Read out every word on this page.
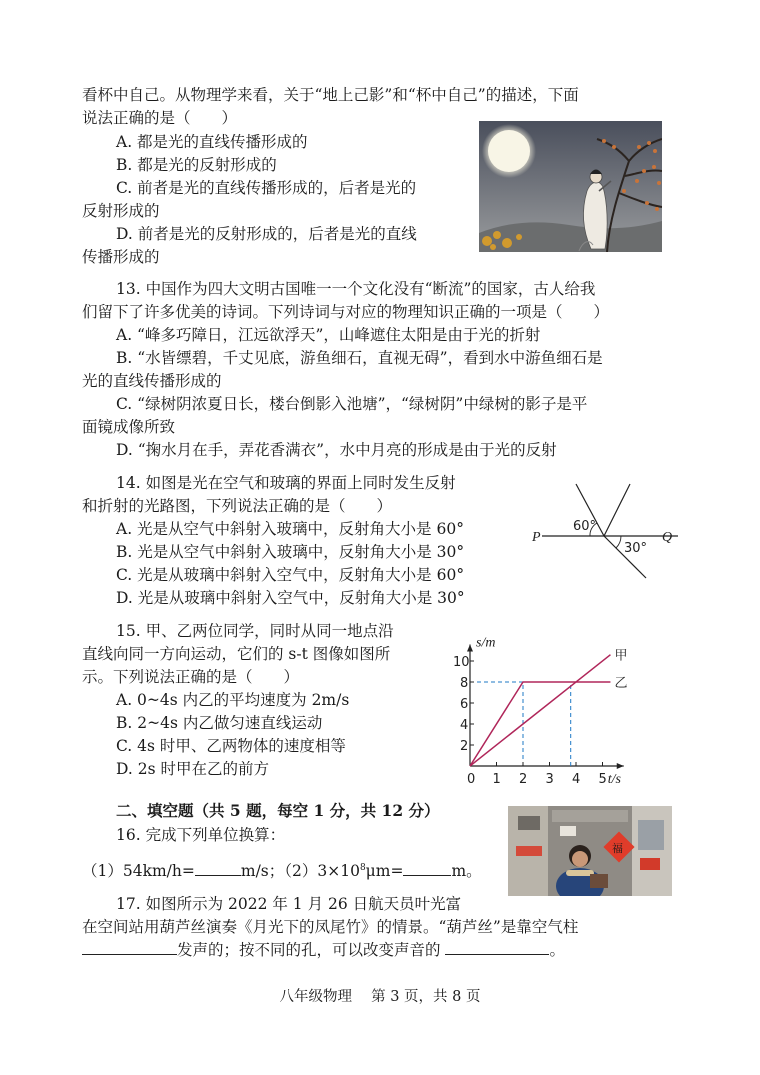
看杯中自己。从物理学来看，关于“地上己影”和“杯中自己”的描述，下面
说法正确的是（　　）
A. 都是光的直线传播形成的
B. 都是光的反射形成的
C. 前者是光的直线传播形成的，后者是光的
反射形成的
D. 前者是光的反射形成的，后者是光的直线
传播形成的
13. 中国作为四大文明古国唯一一个文化没有“断流”的国家，古人给我
们留下了许多优美的诗词。下列诗词与对应的物理知识正确的一项是（　　）
A. “峰多巧障日，江远欲浮天”，山峰遮住太阳是由于光的折射
B. “水皆缥碧，千丈见底，游鱼细石，直视无碍”，看到水中游鱼细石是
光的直线传播形成的
C. “绿树阴浓夏日长，楼台倒影入池塘”，“绿树阴”中绿树的影子是平
面镜成像所致
D. “掬水月在手，弄花香满衣”，水中月亮的形成是由于光的反射
14. 如图是光在空气和玻璃的界面上同时发生反射
和折射的光路图，下列说法正确的是（　　）
A. 光是从空气中斜射入玻璃中，反射角大小是 60°
B. 光是从空气中斜射入玻璃中，反射角大小是 30°
C. 光是从玻璃中斜射入空气中，反射角大小是 60°
D. 光是从玻璃中斜射入空气中，反射角大小是 30°
P	Q
60°
30°
15. 甲、乙两位同学，同时从同一地点沿
直线向同一方向运动，它们的 s-t 图像如图所
示。下列说法正确的是（　　）
A. 0~4s 内乙的平均速度为 2m/s
B. 2~4s 内乙做匀速直线运动
C. 4s 时甲、乙两物体的速度相等
D. 2s 时甲在乙的前方
0 1 2 3 4 5
2
4
6
8
10	甲
乙
t/s
s/m
二、填空题（共 5 题，每空 1 分，共 12 分）
16. 完成下列单位换算：
（1）54km/h=	m/s；$(2)3\times 10^8\mu m=$	m。
福
17. 如图所示为 2022 年 1 月 26 日航天员叶光富
在空间站用葫芦丝演奏《月光下的凤尾竹》的情景。“葫芦丝”是靠空气柱
发声的；按不同的孔，可以改变声音的	。
八年级物理　 第 3 页，共 8 页
